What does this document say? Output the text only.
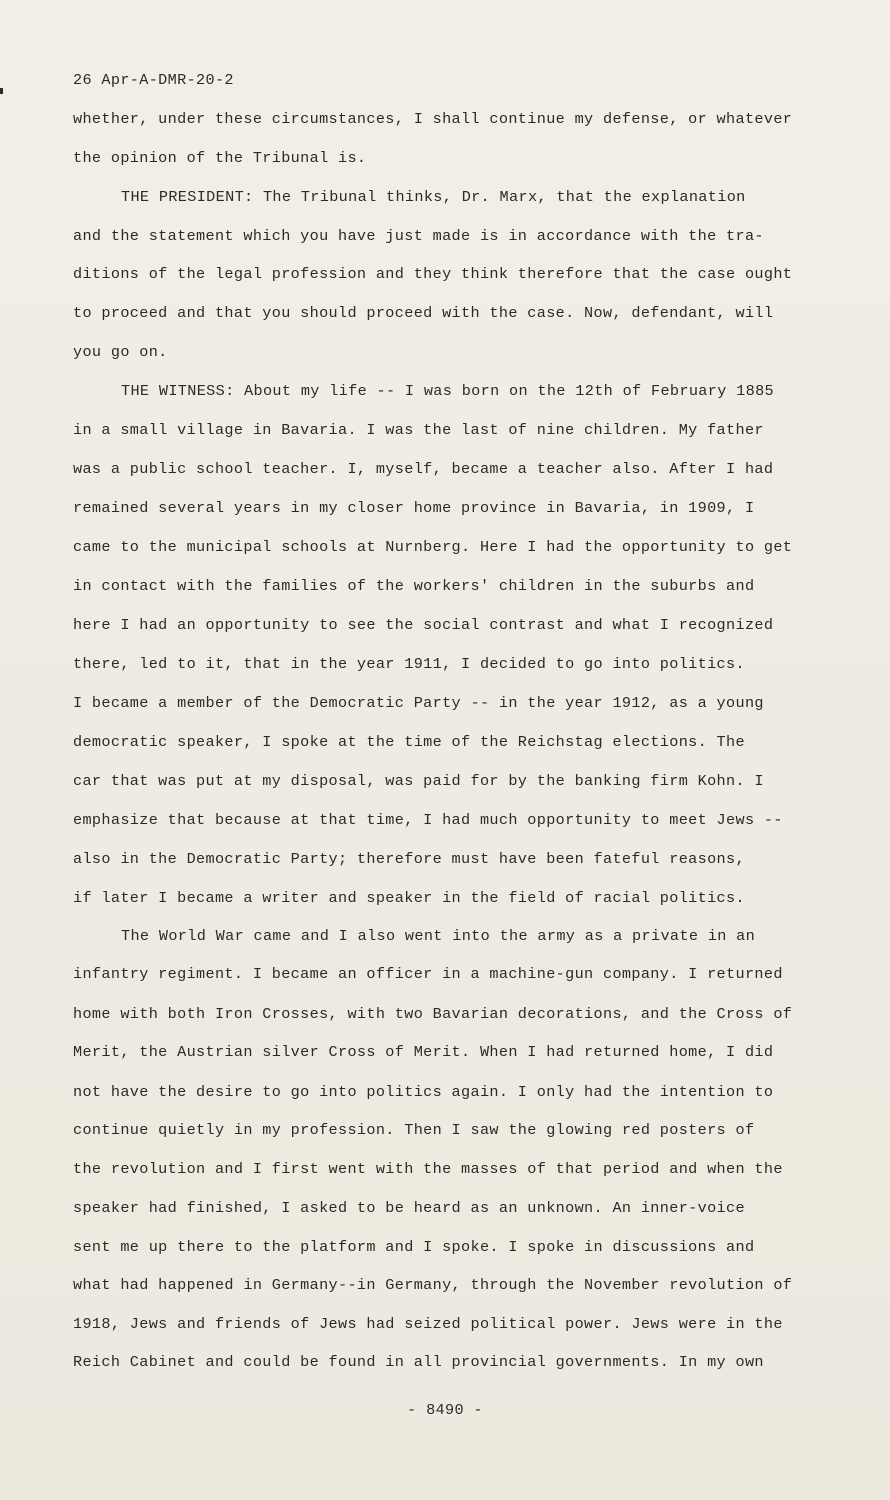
26 Apr-A-DMR-20-2
whether, under these circumstances, I shall continue my defense, or whatever
the opinion of the Tribunal is.
THE PRESIDENT: The Tribunal thinks, Dr. Marx, that the explanation
and the statement which you have just made is in accordance with the tra-
ditions of the legal profession and they think therefore that the case ought
to proceed and that you should proceed with the case. Now, defendant, will
you go on.
THE WITNESS: About my life -- I was born on the 12th of February 1885
in a small village in Bavaria. I was the last of nine children. My father
was a public school teacher. I, myself, became a teacher also. After I had
remained several years in my closer home province in Bavaria, in 1909, I
came to the municipal schools at Nurnberg. Here I had the opportunity to get
in contact with the families of the workers' children in the suburbs and
here I had an opportunity to see the social contrast and what I recognized
there, led to it, that in the year 1911, I decided to go into politics.
I became a member of the Democratic Party -- in the year 1912, as a young
democratic speaker, I spoke at the time of the Reichstag elections. The
car that was put at my disposal, was paid for by the banking firm Kohn. I
emphasize that because at that time, I had much opportunity to meet Jews --
also in the Democratic Party; therefore must have been fateful reasons,
if later I became a writer and speaker in the field of racial politics.
The World War came and I also went into the army as a private in an
infantry regiment. I became an officer in a machine-gun company. I returned
home with both Iron Crosses, with two Bavarian decorations, and the Cross of
Merit, the Austrian silver Cross of Merit. When I had returned home, I did
not have the desire to go into politics again. I only had the intention to
continue quietly in my profession. Then I saw the glowing red posters of
the revolution and I first went with the masses of that period and when the
speaker had finished, I asked to be heard as an unknown. An inner-voice
sent me up there to the platform and I spoke. I spoke in discussions and
what had happened in Germany--in Germany, through the November revolution of
1918, Jews and friends of Jews had seized political power. Jews were in the
Reich Cabinet and could be found in all provincial governments. In my own
- 8490 -
